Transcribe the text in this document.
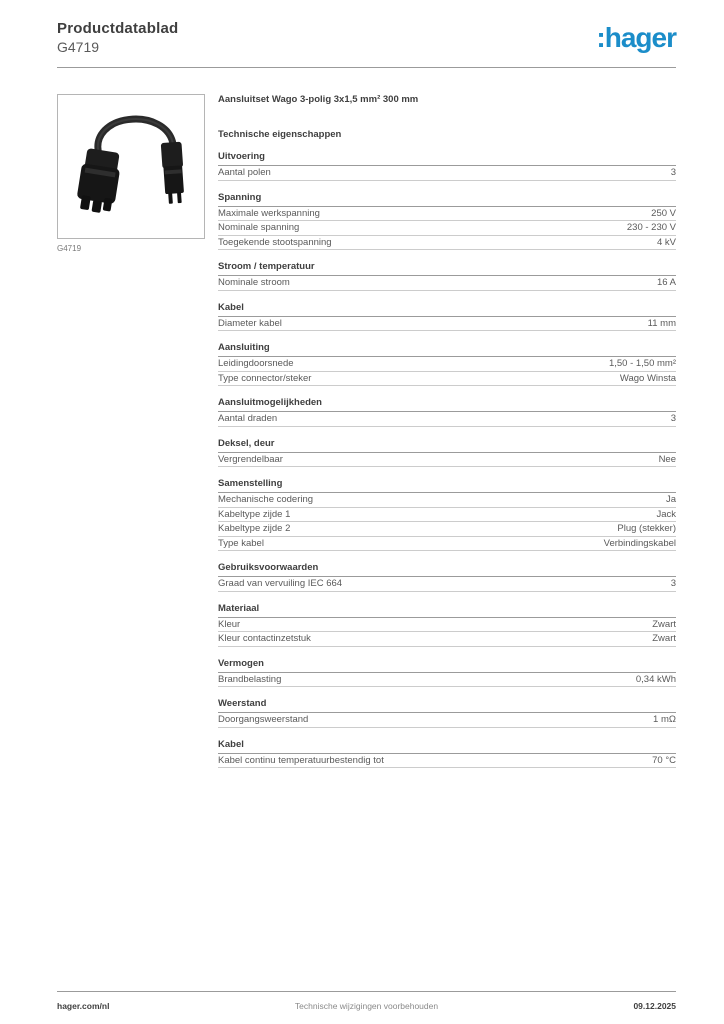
Productdatablad
G4719	:hager
G4719
Aansluitset Wago 3-polig 3x1,5 mm² 300 mm
Technische eigenschappen
Uitvoering
Aantal polen	3
Spanning
Maximale werkspanning	250 V
Nominale spanning	230 - 230 V
Toegekende stootspanning	4 kV
Stroom / temperatuur
Nominale stroom	16 A
Kabel
Diameter kabel	11 mm
Aansluiting
Leidingdoorsnede	1,50 - 1,50 mm²
Type connector/steker	Wago Winsta
Aansluitmogelijkheden
Aantal draden	3
Deksel, deur
Vergrendelbaar	Nee
Samenstelling
Mechanische codering	Ja
Kabeltype zijde 1	Jack
Kabeltype zijde 2	Plug (stekker)
Type kabel	Verbindingskabel
Gebruiksvoorwaarden
Graad van vervuiling IEC 664	3
Materiaal
Kleur	Zwart
Kleur contactinzetstuk	Zwart
Vermogen
Brandbelasting	0,34 kWh
Weerstand
Doorgangsweerstand	1 mΩ
Kabel
Kabel continu temperatuurbestendig tot	70 °C
hager.com/nl	Technische wijzigingen voorbehouden	09.12.2025
